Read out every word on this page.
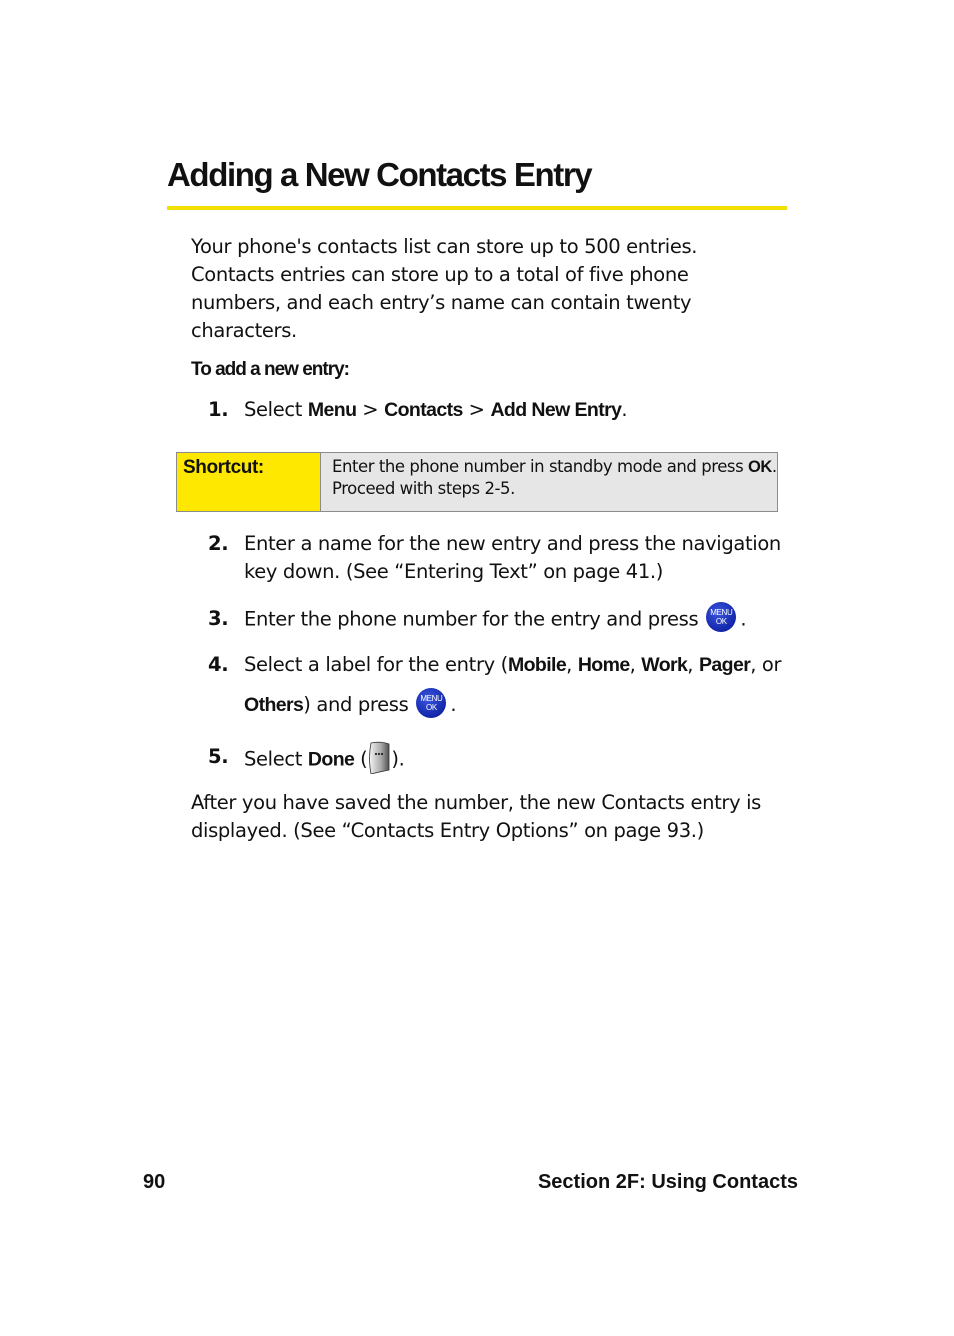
Adding a New Contacts Entry

Your phone's contacts list can store up to 500 entries. Contacts entries can store up to a total of five phone numbers, and each entry’s name can contain twenty characters.

To add a new entry:

1. Select Menu > Contacts > Add New Entry.
Shortcut:	Enter the phone number in standby mode and press OK. Proceed with steps 2-5.
2. Enter a name for the new entry and press the navigation key down. (See “Entering Text” on page 41.)
3. Enter the phone number for the entry and press	MENU
OK .
4. Select a label for the entry (Mobile, Home, Work, Pager, or Others) and press	MENU
OK .
5. Select Done ( ).

After you have saved the number, the new Contacts entry is displayed. (See “Contacts Entry Options” on page 93.)

90	Section 2F: Using Contacts
